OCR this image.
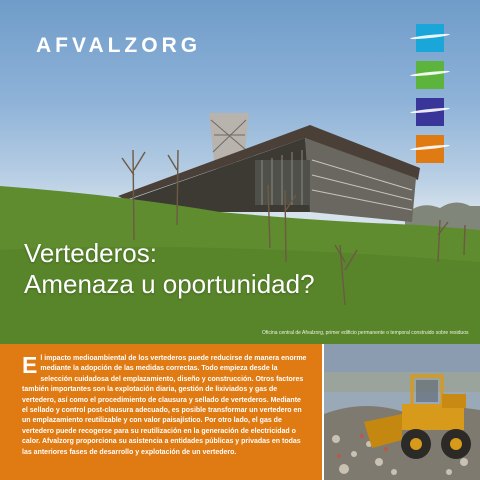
AFVALZORG
Vertederos:
Amenaza u oportunidad?
Oficina central de Afvalzorg, primer edificio permanente o temporal construido sobre residuos

El impacto medioambiental de los vertederos puede reducirse de manera enorme mediante la adopción de las medidas correctas. Todo empieza desde la selección cuidadosa del emplazamiento, diseño y construcción. Otros factores también importantes son la explotación diaria, gestión de lixiviados y gas de vertedero, así como el procedimiento de clausura y sellado de vertederos. Mediante el sellado y control post-clausura adecuado, es posible transformar un vertedero en un emplazamiento reutilizable y con valor paisajístico. Por otro lado, el gas de vertedero puede recogerse para su reutilización en la generación de electricidad o calor. Afvalzorg proporciona su asistencia a entidades públicas y privadas en todas las anteriores fases de desarrollo y explotación de un vertedero.
